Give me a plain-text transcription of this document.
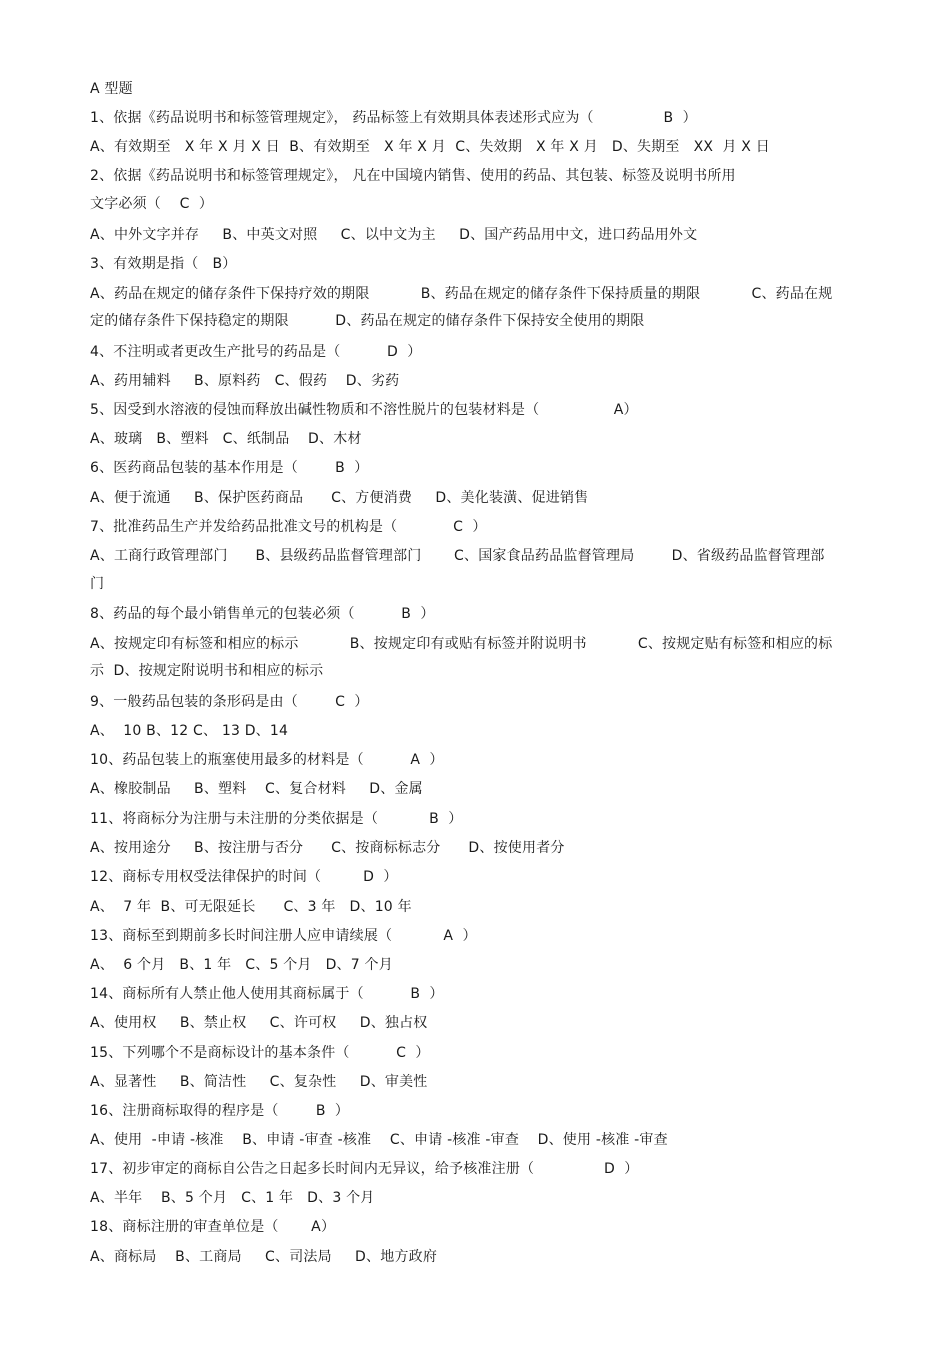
A 型题
1、依据《药品说明书和标签管理规定》， 药品标签上有效期具体表述形式应为（               B  ）
A、有效期至   X 年 X 月 X 日  B、有效期至   X 年 X 月  C、失效期   X 年 X 月   D、失期至   XX  月 X 日
2、依据《药品说明书和标签管理规定》， 凡在中国境内销售、使用的药品、其包装、标签及说明书所用
文字必须（    C  ）
A、中外文字并存     B、中英文对照     C、以中文为主     D、国产药品用中文，进口药品用外文
3、有效期是指（   B）
A、药品在规定的储存条件下保持疗效的期限           B、药品在规定的储存条件下保持质量的期限           C、药品在规
定的储存条件下保持稳定的期限          D、药品在规定的储存条件下保持安全使用的期限
4、不注明或者更改生产批号的药品是（          D  ）
A、药用辅料     B、原料药   C、假药    D、劣药
5、因受到水溶液的侵蚀而释放出碱性物质和不溶性脱片的包装材料是（                A）
A、玻璃   B、塑料   C、纸制品    D、木材
6、医药商品包装的基本作用是（        B  ）
A、便于流通     B、保护医药商品      C、方便消费     D、美化装潢、促进销售
7、批准药品生产并发给药品批准文号的机构是（            C  ）
A、工商行政管理部门      B、县级药品监督管理部门       C、国家食品药品监督管理局        D、省级药品监督管理部
门
8、药品的每个最小销售单元的包装必须（          B  ）
A、按规定印有标签和相应的标示           B、按规定印有或贴有标签并附说明书           C、按规定贴有标签和相应的标
示  D、按规定附说明书和相应的标示
9、一般药品包装的条形码是由（        C  ）
A、  10 B、12 C、 13 D、14
10、药品包装上的瓶塞使用最多的材料是（          A  ）
A、橡胶制品     B、塑料    C、复合材料     D、金属
11、将商标分为注册与未注册的分类依据是（           B  ）
A、按用途分     B、按注册与否分      C、按商标标志分      D、按使用者分
12、商标专用权受法律保护的时间（         D  ）
A、  7 年  B、可无限延长      C、3 年   D、10 年
13、商标至到期前多长时间注册人应申请续展（           A  ）
A、  6 个月   B、1 年   C、5 个月   D、7 个月
14、商标所有人禁止他人使用其商标属于（          B  ）
A、使用权     B、禁止权     C、许可权     D、独占权
15、下列哪个不是商标设计的基本条件（          C  ）
A、显著性     B、简洁性     C、复杂性     D、审美性
16、注册商标取得的程序是（        B  ）
A、使用  -申请 -核准    B、申请 -审查 -核准    C、申请 -核准 -审查    D、使用 -核准 -审查
17、初步审定的商标自公告之日起多长时间内无异议，给予核准注册（               D  ）
A、半年    B、5 个月   C、1 年   D、3 个月
18、商标注册的审查单位是（       A）
A、商标局    B、工商局     C、司法局     D、地方政府
